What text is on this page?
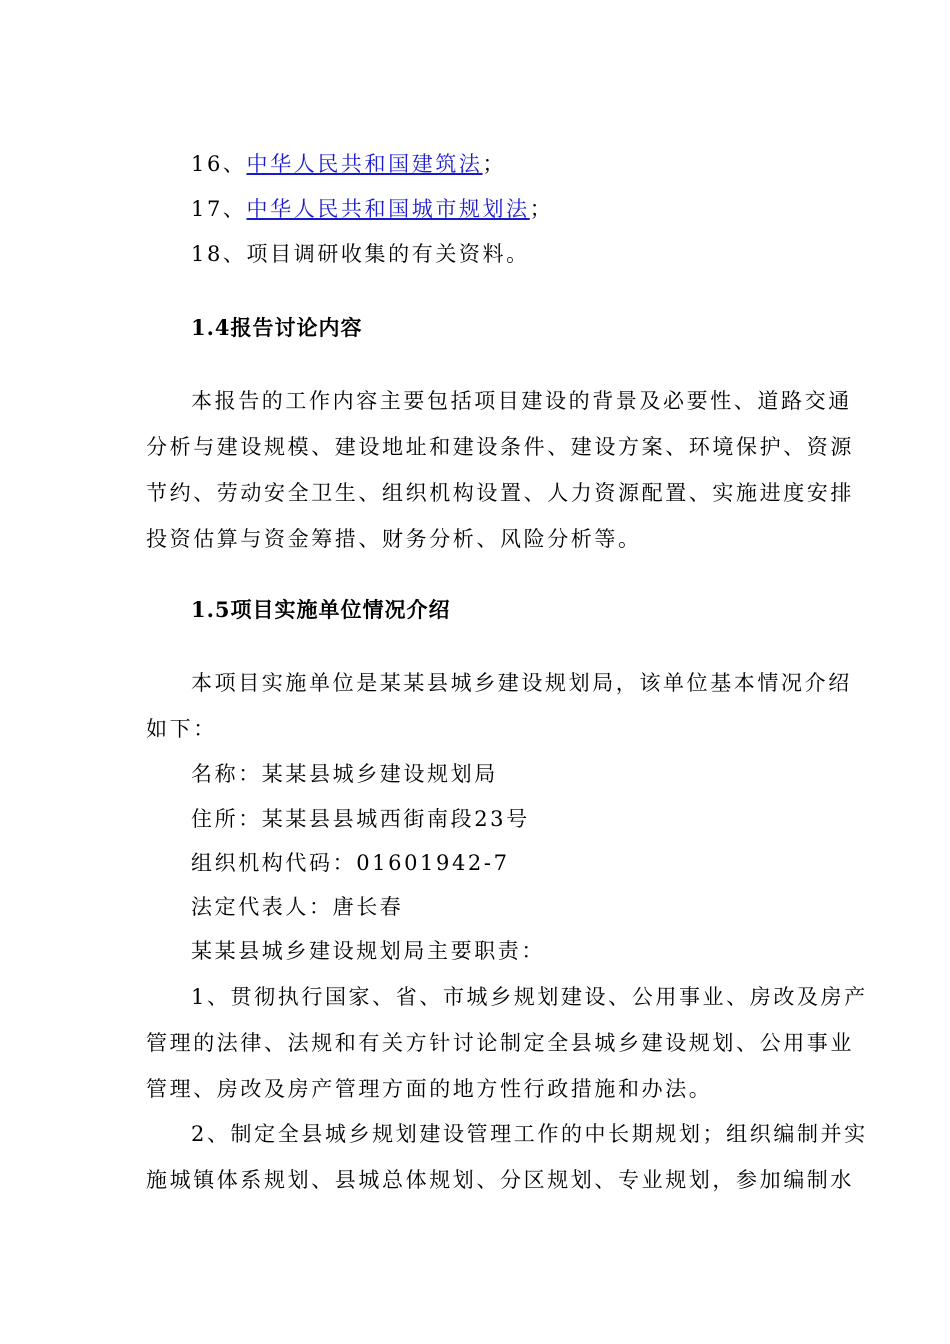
16、中华人民共和国建筑法；
17、中华人民共和国城市规划法；
18、项目调研收集的有关资料。
1.4报告讨论内容
本报告的工作内容主要包括项目建设的背景及必要性、道路交通
分析与建设规模、建设地址和建设条件、建设方案、环境保护、资源
节约、劳动安全卫生、组织机构设置、人力资源配置、实施进度安排
投资估算与资金筹措、财务分析、风险分析等。
1.5项目实施单位情况介绍
本项目实施单位是某某县城乡建设规划局，该单位基本情况介绍
如下：
名称：某某县城乡建设规划局
住所：某某县县城西街南段23号
组织机构代码：01601942-7
法定代表人：唐长春
某某县城乡建设规划局主要职责：
1、贯彻执行国家、省、市城乡规划建设、公用事业、房改及房产
管理的法律、法规和有关方针讨论制定全县城乡建设规划、公用事业
管理、房改及房产管理方面的地方性行政措施和办法。
2、制定全县城乡规划建设管理工作的中长期规划；组织编制并实
施城镇体系规划、县城总体规划、分区规划、专业规划，参加编制水
